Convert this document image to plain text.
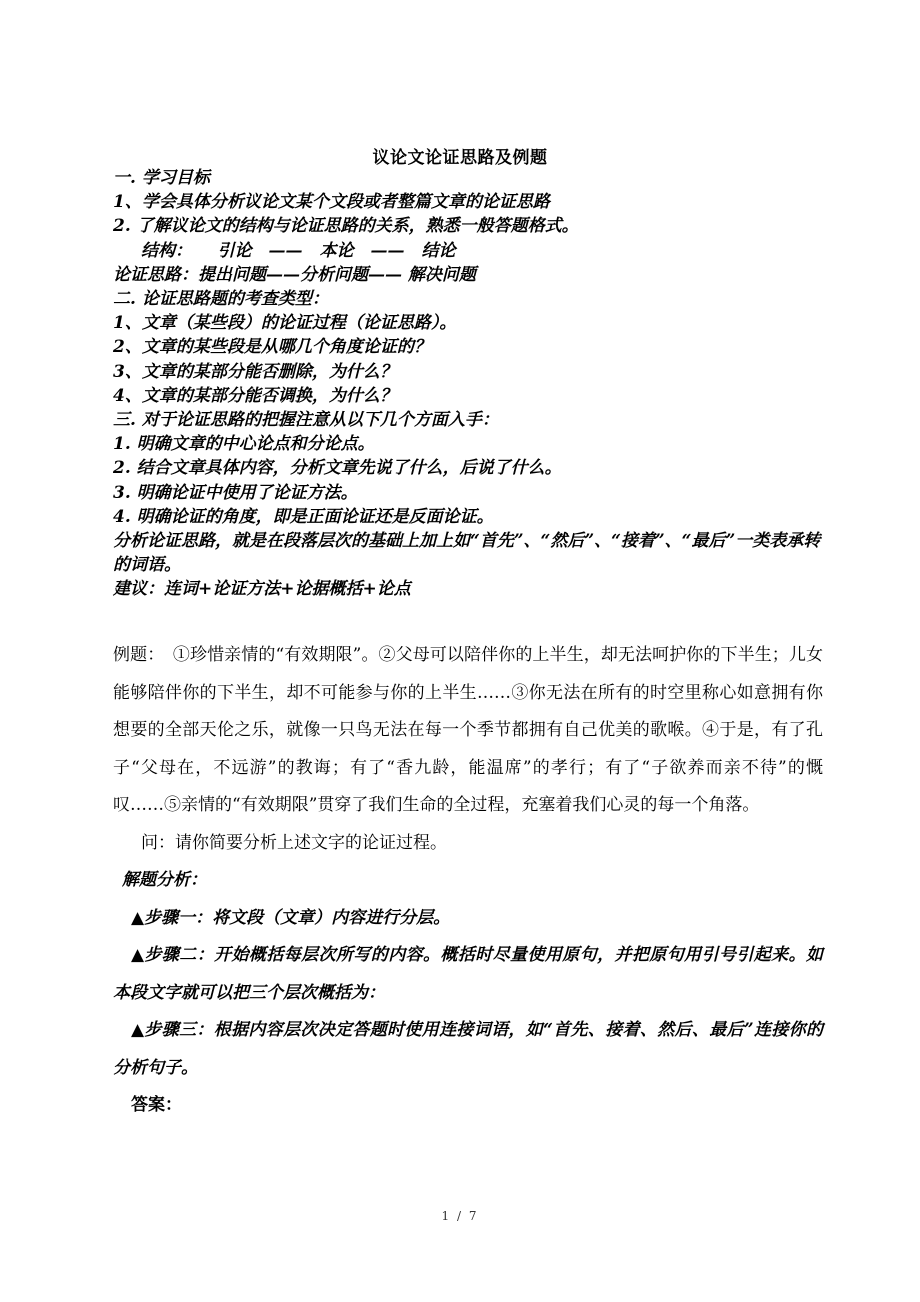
议论文论证思路及例题
一. 学习目标
1、学会具体分析议论文某个文段或者整篇文章的论证思路
2. 了解议论文的结构与论证思路的关系，熟悉一般答题格式。
结构：　　引论　——　本论　——　结论
论证思路：提出问题——分析问题—— 解决问题
二. 论证思路题的考查类型：
1、文章（某些段）的论证过程（论证思路）。
2、文章的某些段是从哪几个角度论证的？
3、文章的某部分能否删除，为什么？
4、文章的某部分能否调换，为什么？
三. 对于论证思路的把握注意从以下几个方面入手：
1. 明确文章的中心论点和分论点。
2. 结合文章具体内容，分析文章先说了什么，后说了什么。
3. 明确论证中使用了论证方法。
4. 明确论证的角度，即是正面论证还是反面论证。
分析论证思路，就是在段落层次的基础上加上如“首先”、“然后”、“接着”、“最后”一类表承转的词语。
建议：连词+论证方法+论据概括+论点
例题：　①珍惜亲情的“有效期限”。②父母可以陪伴你的上半生，却无法呵护你的下半生；儿女能够陪伴你的下半生，却不可能参与你的上半生……③你无法在所有的时空里称心如意拥有你想要的全部天伦之乐，就像一只鸟无法在每一个季节都拥有自己优美的歌喉。④于是，有了孔子“父母在，不远游”的教诲；有了“香九龄，能温席”的孝行；有了“子欲养而亲不待”的慨叹……⑤亲情的“有效期限”贯穿了我们生命的全过程，充塞着我们心灵的每一个角落。
问：请你简要分析上述文字的论证过程。
解题分析：
▲步骤一：将文段（文章）内容进行分层。
▲步骤二：开始概括每层次所写的内容。概括时尽量使用原句，并把原句用引号引起来。如本段文字就可以把三个层次概括为：
▲步骤三：根据内容层次决定答题时使用连接词语，如“首先、接着、然后、最后”连接你的分析句子。
答案：
1 / 7
